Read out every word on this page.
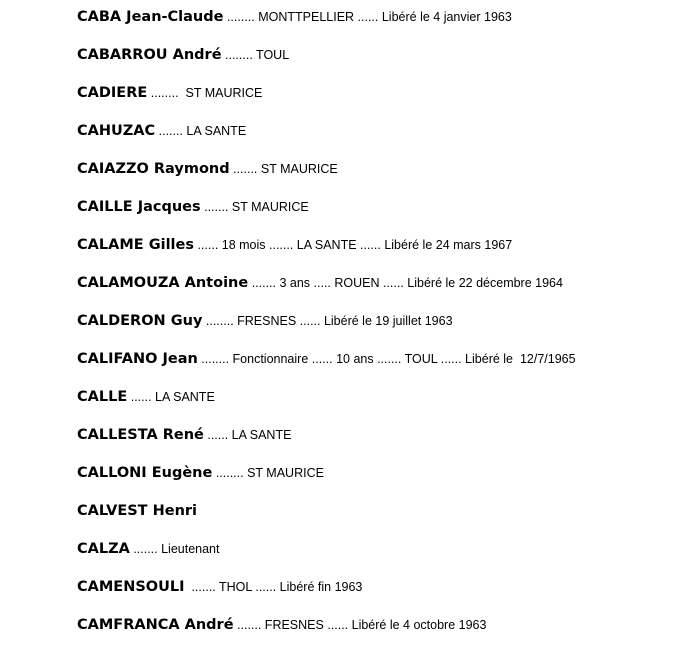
CABA Jean-Claude ........ MONTTPELLIER ...... Libéré le 4 janvier 1963
CABARROU André ........ TOUL
CADIERE ........  ST MAURICE
CAHUZAC ....... LA SANTE
CAIAZZO Raymond ....... ST MAURICE
CAILLE Jacques ....... ST MAURICE
CALAME Gilles ...... 18 mois ....... LA SANTE ...... Libéré le 24 mars 1967
CALAMOUZA Antoine ....... 3 ans ..... ROUEN ...... Libéré le 22 décembre 1964
CALDERON Guy ........ FRESNES ...... Libéré le 19 juillet 1963
CALIFANO Jean ........ Fonctionnaire ...... 10 ans ....... TOUL ...... Libéré le  12/7/1965
CALLE ...... LA SANTE
CALLESTA René ...... LA SANTE
CALLONI Eugène ........ ST MAURICE
CALVEST Henri
CALZA ....... Lieutenant
CAMENSOULI  ....... THOL ...... Libéré fin 1963
CAMFRANCA André ....... FRESNES ...... Libéré le 4 octobre 1963
